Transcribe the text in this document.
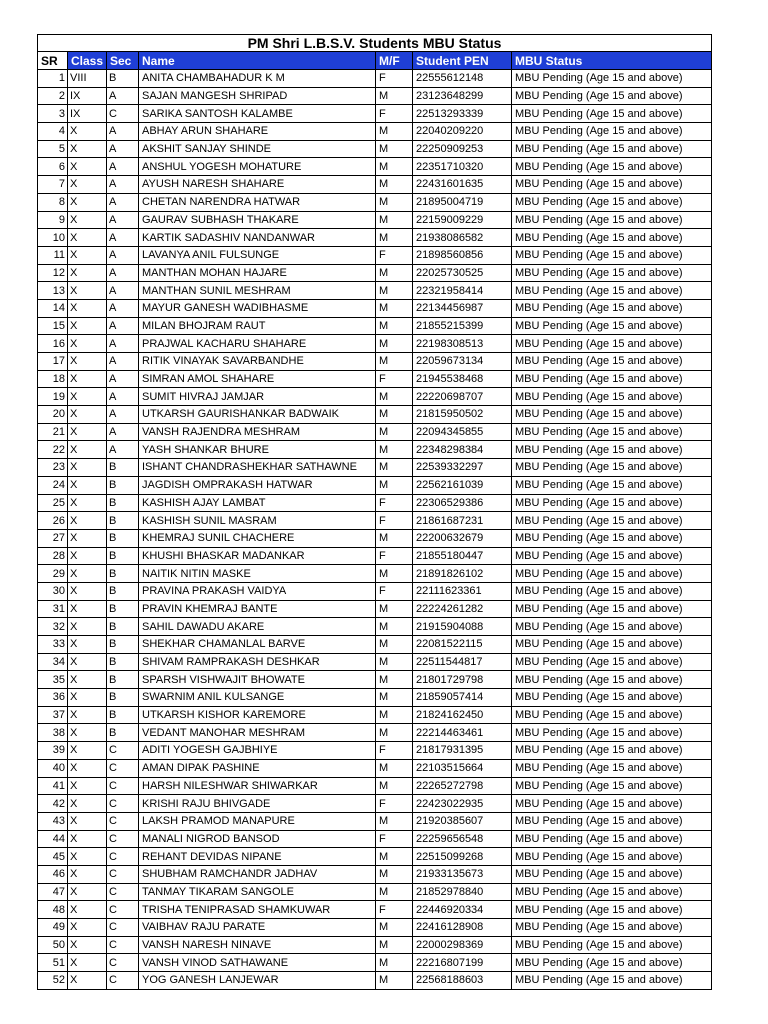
PM Shri L.B.S.V. Students MBU Status						
SR	Class	Sec	Name	M/F	Student PEN	MBU Status
1	VIII	B	ANITA CHAMBAHADUR K M	F	22555612148	MBU Pending (Age 15 and above)
2	IX	A	SAJAN MANGESH SHRIPAD	M	23123648299	MBU Pending (Age 15 and above)
3	IX	C	SARIKA SANTOSH KALAMBE	F	22513293339	MBU Pending (Age 15 and above)
4	X	A	ABHAY ARUN SHAHARE	M	22040209220	MBU Pending (Age 15 and above)
5	X	A	AKSHIT SANJAY SHINDE	M	22250909253	MBU Pending (Age 15 and above)
6	X	A	ANSHUL YOGESH MOHATURE	M	22351710320	MBU Pending (Age 15 and above)
7	X	A	AYUSH NARESH SHAHARE	M	22431601635	MBU Pending (Age 15 and above)
8	X	A	CHETAN NARENDRA HATWAR	M	21895004719	MBU Pending (Age 15 and above)
9	X	A	GAURAV SUBHASH THAKARE	M	22159009229	MBU Pending (Age 15 and above)
10	X	A	KARTIK SADASHIV NANDANWAR	M	21938086582	MBU Pending (Age 15 and above)
11	X	A	LAVANYA ANIL FULSUNGE	F	21898560856	MBU Pending (Age 15 and above)
12	X	A	MANTHAN MOHAN HAJARE	M	22025730525	MBU Pending (Age 15 and above)
13	X	A	MANTHAN SUNIL MESHRAM	M	22321958414	MBU Pending (Age 15 and above)
14	X	A	MAYUR GANESH WADIBHASME	M	22134456987	MBU Pending (Age 15 and above)
15	X	A	MILAN BHOJRAM RAUT	M	21855215399	MBU Pending (Age 15 and above)
16	X	A	PRAJWAL KACHARU SHAHARE	M	22198308513	MBU Pending (Age 15 and above)
17	X	A	RITIK VINAYAK SAVARBANDHE	M	22059673134	MBU Pending (Age 15 and above)
18	X	A	SIMRAN AMOL SHAHARE	F	21945538468	MBU Pending (Age 15 and above)
19	X	A	SUMIT HIVRAJ JAMJAR	M	22220698707	MBU Pending (Age 15 and above)
20	X	A	UTKARSH GAURISHANKAR BADWAIK	M	21815950502	MBU Pending (Age 15 and above)
21	X	A	VANSH RAJENDRA MESHRAM	M	22094345855	MBU Pending (Age 15 and above)
22	X	A	YASH SHANKAR BHURE	M	22348298384	MBU Pending (Age 15 and above)
23	X	B	ISHANT CHANDRASHEKHAR SATHAWNE	M	22539332297	MBU Pending (Age 15 and above)
24	X	B	JAGDISH OMPRAKASH HATWAR	M	22562161039	MBU Pending (Age 15 and above)
25	X	B	KASHISH AJAY LAMBAT	F	22306529386	MBU Pending (Age 15 and above)
26	X	B	KASHISH SUNIL MASRAM	F	21861687231	MBU Pending (Age 15 and above)
27	X	B	KHEMRAJ SUNIL CHACHERE	M	22200632679	MBU Pending (Age 15 and above)
28	X	B	KHUSHI BHASKAR MADANKAR	F	21855180447	MBU Pending (Age 15 and above)
29	X	B	NAITIK NITIN MASKE	M	21891826102	MBU Pending (Age 15 and above)
30	X	B	PRAVINA PRAKASH VAIDYA	F	22111623361	MBU Pending (Age 15 and above)
31	X	B	PRAVIN KHEMRAJ BANTE	M	22224261282	MBU Pending (Age 15 and above)
32	X	B	SAHIL DAWADU AKARE	M	21915904088	MBU Pending (Age 15 and above)
33	X	B	SHEKHAR CHAMANLAL BARVE	M	22081522115	MBU Pending (Age 15 and above)
34	X	B	SHIVAM RAMPRAKASH DESHKAR	M	22511544817	MBU Pending (Age 15 and above)
35	X	B	SPARSH VISHWAJIT BHOWATE	M	21801729798	MBU Pending (Age 15 and above)
36	X	B	SWARNIM ANIL KULSANGE	M	21859057414	MBU Pending (Age 15 and above)
37	X	B	UTKARSH KISHOR KAREMORE	M	21824162450	MBU Pending (Age 15 and above)
38	X	B	VEDANT MANOHAR MESHRAM	M	22214463461	MBU Pending (Age 15 and above)
39	X	C	ADITI YOGESH GAJBHIYE	F	21817931395	MBU Pending (Age 15 and above)
40	X	C	AMAN DIPAK PASHINE	M	22103515664	MBU Pending (Age 15 and above)
41	X	C	HARSH NILESHWAR SHIWARKAR	M	22265272798	MBU Pending (Age 15 and above)
42	X	C	KRISHI RAJU BHIVGADE	F	22423022935	MBU Pending (Age 15 and above)
43	X	C	LAKSH PRAMOD MANAPURE	M	21920385607	MBU Pending (Age 15 and above)
44	X	C	MANALI NIGROD BANSOD	F	22259656548	MBU Pending (Age 15 and above)
45	X	C	REHANT DEVIDAS NIPANE	M	22515099268	MBU Pending (Age 15 and above)
46	X	C	SHUBHAM RAMCHANDR JADHAV	M	21933135673	MBU Pending (Age 15 and above)
47	X	C	TANMAY TIKARAM SANGOLE	M	21852978840	MBU Pending (Age 15 and above)
48	X	C	TRISHA TENIPRASAD SHAMKUWAR	F	22446920334	MBU Pending (Age 15 and above)
49	X	C	VAIBHAV RAJU PARATE	M	22416128908	MBU Pending (Age 15 and above)
50	X	C	VANSH NARESH NINAVE	M	22000298369	MBU Pending (Age 15 and above)
51	X	C	VANSH VINOD SATHAWANE	M	22216807199	MBU Pending (Age 15 and above)
52	X	C	YOG GANESH LANJEWAR	M	22568188603	MBU Pending (Age 15 and above)
